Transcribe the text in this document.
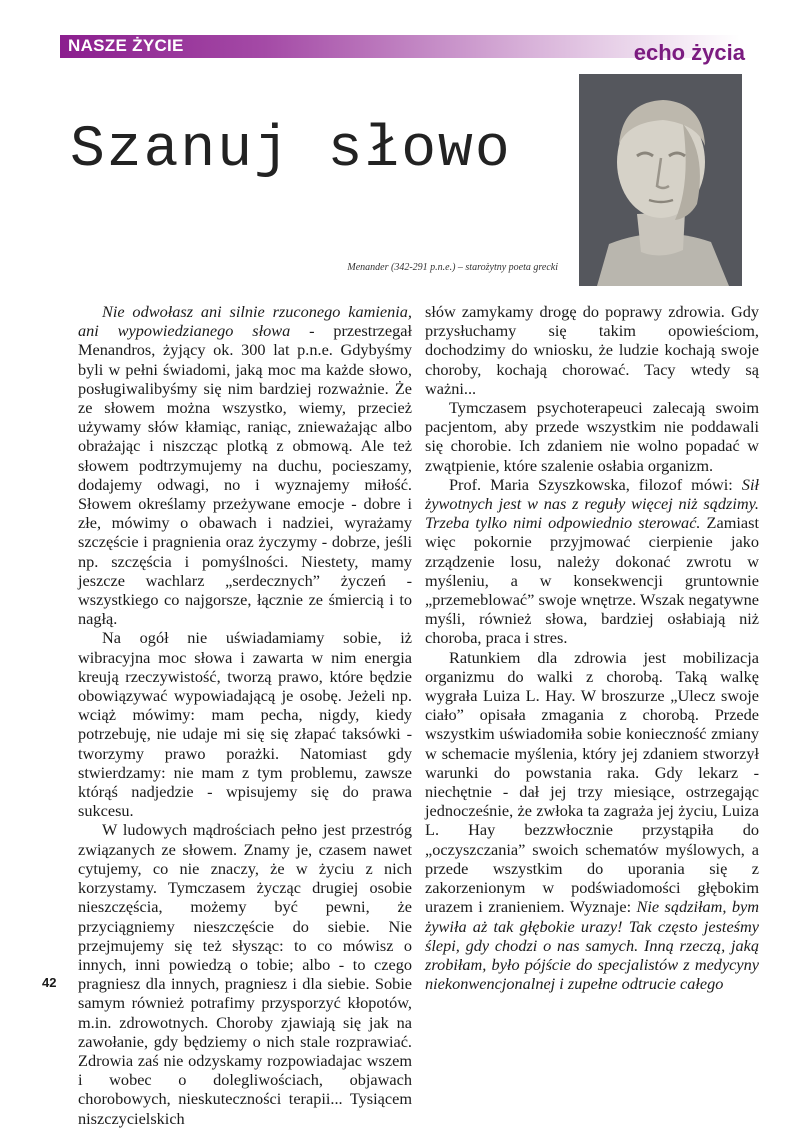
NASZE ŻYCIE	echo życia
Szanuj słowo
Menander (342-291 p.n.e.) – starożytny poeta grecki

Nie odwołasz ani silnie rzuconego kamienia, ani wypowiedzianego słowa - przestrzegał Menandros, żyjący ok. 300 lat p.n.e. Gdybyśmy byli w pełni świadomi, jaką moc ma każde słowo, posługiwalibyśmy się nim bardziej rozważnie. Że ze słowem można wszystko, wiemy, przecież używamy słów kłamiąc, raniąc, znieważając albo obrażając i niszcząc plotką z obmową. Ale też słowem podtrzymujemy na duchu, pocieszamy, dodajemy odwagi, no i wyznajemy miłość. Słowem określamy przeżywane emocje - dobre i złe, mówimy o obawach i nadziei, wyrażamy szczęście i pragnienia oraz życzymy - dobrze, jeśli np. szczęścia i pomyślności. Niestety, mamy jeszcze wachlarz „serdecznych” życzeń - wszystkiego co najgorsze, łącznie ze śmiercią i to nagłą.

Na ogół nie uświadamiamy sobie, iż wibracyjna moc słowa i zawarta w nim energia kreują rzeczywistość, tworzą prawo, które będzie obowiązywać wypowiadającą je osobę. Jeżeli np. wciąż mówimy: mam pecha, nigdy, kiedy potrzebuję, nie udaje mi się się złapać taksówki - tworzymy prawo porażki. Natomiast gdy stwierdzamy: nie mam z tym problemu, zawsze którąś nadjedzie - wpisujemy się do prawa sukcesu.

W ludowych mądrościach pełno jest przestróg związanych ze słowem. Znamy je, czasem nawet cytujemy, co nie znaczy, że w życiu z nich korzystamy. Tymczasem życząc drugiej osobie nieszczęścia, możemy być pewni, że przyciągniemy nieszczęście do siebie. Nie przejmujemy się też słysząc: to co mówisz o innych, inni powiedzą o tobie; albo - to czego pragniesz dla innych, pragniesz i dla siebie. Sobie samym również potrafimy przysporzyć kłopotów, m.in. zdrowotnych. Choroby zjawiają się jak na zawołanie, gdy będziemy o nich stale rozprawiać. Zdrowia zaś nie odzyskamy rozpowiadajac wszem i wobec o dolegliwościach, objawach chorobowych, nieskuteczności terapii... Tysiącem niszczycielskich

słów zamykamy drogę do poprawy zdrowia. Gdy przysłuchamy się takim opowieściom, dochodzimy do wniosku, że ludzie kochają swoje choroby, kochają chorować. Tacy wtedy są ważni...

Tymczasem psychoterapeuci zalecają swoim pacjentom, aby przede wszystkim nie poddawali się chorobie. Ich zdaniem nie wolno popadać w zwątpienie, które szalenie osłabia organizm.

Prof. Maria Szyszkowska, filozof mówi: Sił żywotnych jest w nas z reguły więcej niż sądzimy. Trzeba tylko nimi odpowiednio sterować. Zamiast więc pokornie przyjmować cierpienie jako zrządzenie losu, należy dokonać zwrotu w myśleniu, a w konsekwencji gruntownie „przemeblować” swoje wnętrze. Wszak negatywne myśli, również słowa, bardziej osłabiają niż choroba, praca i stres.

Ratunkiem dla zdrowia jest mobilizacja organizmu do walki z chorobą. Taką walkę wygrała Luiza L. Hay. W broszurze „Ulecz swoje ciało” opisała zmagania z chorobą. Przede wszystkim uświadomiła sobie konieczność zmiany w schemacie myślenia, który jej zdaniem stworzył warunki do powstania raka. Gdy lekarz - niechętnie - dał jej trzy miesiące, ostrzegając jednocześnie, że zwłoka ta zagraża jej życiu, Luiza L. Hay bezzwłocznie przystąpiła do „oczyszczania” swoich schematów myślowych, a przede wszystkim do uporania się z zakorzenionym w podświadomości głębokim urazem i zranieniem. Wyznaje: Nie sądziłam, bym żywiła aż tak głębokie urazy! Tak często jesteśmy ślepi, gdy chodzi o nas samych. Inną rzeczą, jaką zrobiłam, było pójście do specjalistów z medycyny niekonwencjonalnej i zupełne odtrucie całego

42
